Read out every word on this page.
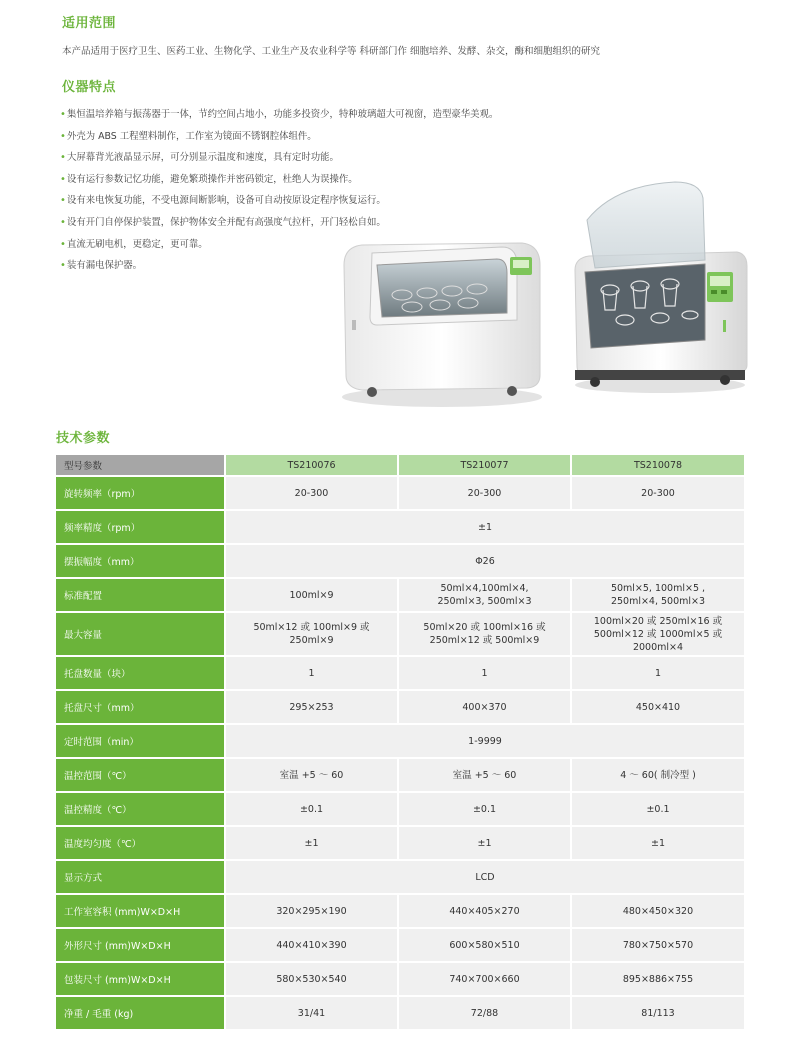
适用范围
本产品适用于医疗卫生、医药工业、生物化学、工业生产及农业科学等 科研部门作 细胞培养、发酵、杂交，酶和细胞组织的研究
仪器特点
• 集恒温培养箱与振荡器于一体，节约空间占地小，功能多投资少，特种玻璃超大可视窗，造型豪华美观。
• 外壳为 ABS 工程塑料制作，工作室为镜面不锈钢腔体组件。
• 大屏幕背光液晶显示屏，可分别显示温度和速度，具有定时功能。
• 设有运行参数记忆功能，避免繁琐操作并密码锁定，杜绝人为误操作。
• 设有来电恢复功能，不受电源间断影响，设备可自动按原设定程序恢复运行。
• 设有开门自停保护装置，保护物体安全并配有高强度气拉杆，开门轻松自如。
• 直流无刷电机，更稳定，更可靠。
• 装有漏电保护器。
技术参数
型号参数	TS210076	TS210077	TS210078
旋转频率（rpm）	20-300	20-300	20-300
频率精度（rpm）	±1		
摆振幅度（mm）	Φ26		
标准配置	100ml×9	50ml×4,100ml×4,
250ml×3, 500ml×3	50ml×5, 100ml×5 ,
250ml×4, 500ml×3
最大容量	50ml×12 或 100ml×9 或
250ml×9	50ml×20 或 100ml×16 或
250ml×12 或 500ml×9	100ml×20 或 250ml×16 或
500ml×12 或 1000ml×5 或
2000ml×4
托盘数量（块）	1	1	1
托盘尺寸（mm）	295×253	400×370	450×410
定时范围（min）	1-9999		
温控范围（℃）	室温 +5 ～ 60	室温 +5 ～ 60	4 ～ 60( 制冷型 )
温控精度（℃）	±0.1	±0.1	±0.1
温度均匀度（℃）	±1	±1	±1
显示方式	LCD		
工作室容积 (mm)W×D×H	320×295×190	440×405×270	480×450×320
外形尺寸 (mm)W×D×H	440×410×390	600×580×510	780×750×570
包装尺寸 (mm)W×D×H	580×530×540	740×700×660	895×886×755
净重 / 毛重 (kg)	31/41	72/88	81/113
